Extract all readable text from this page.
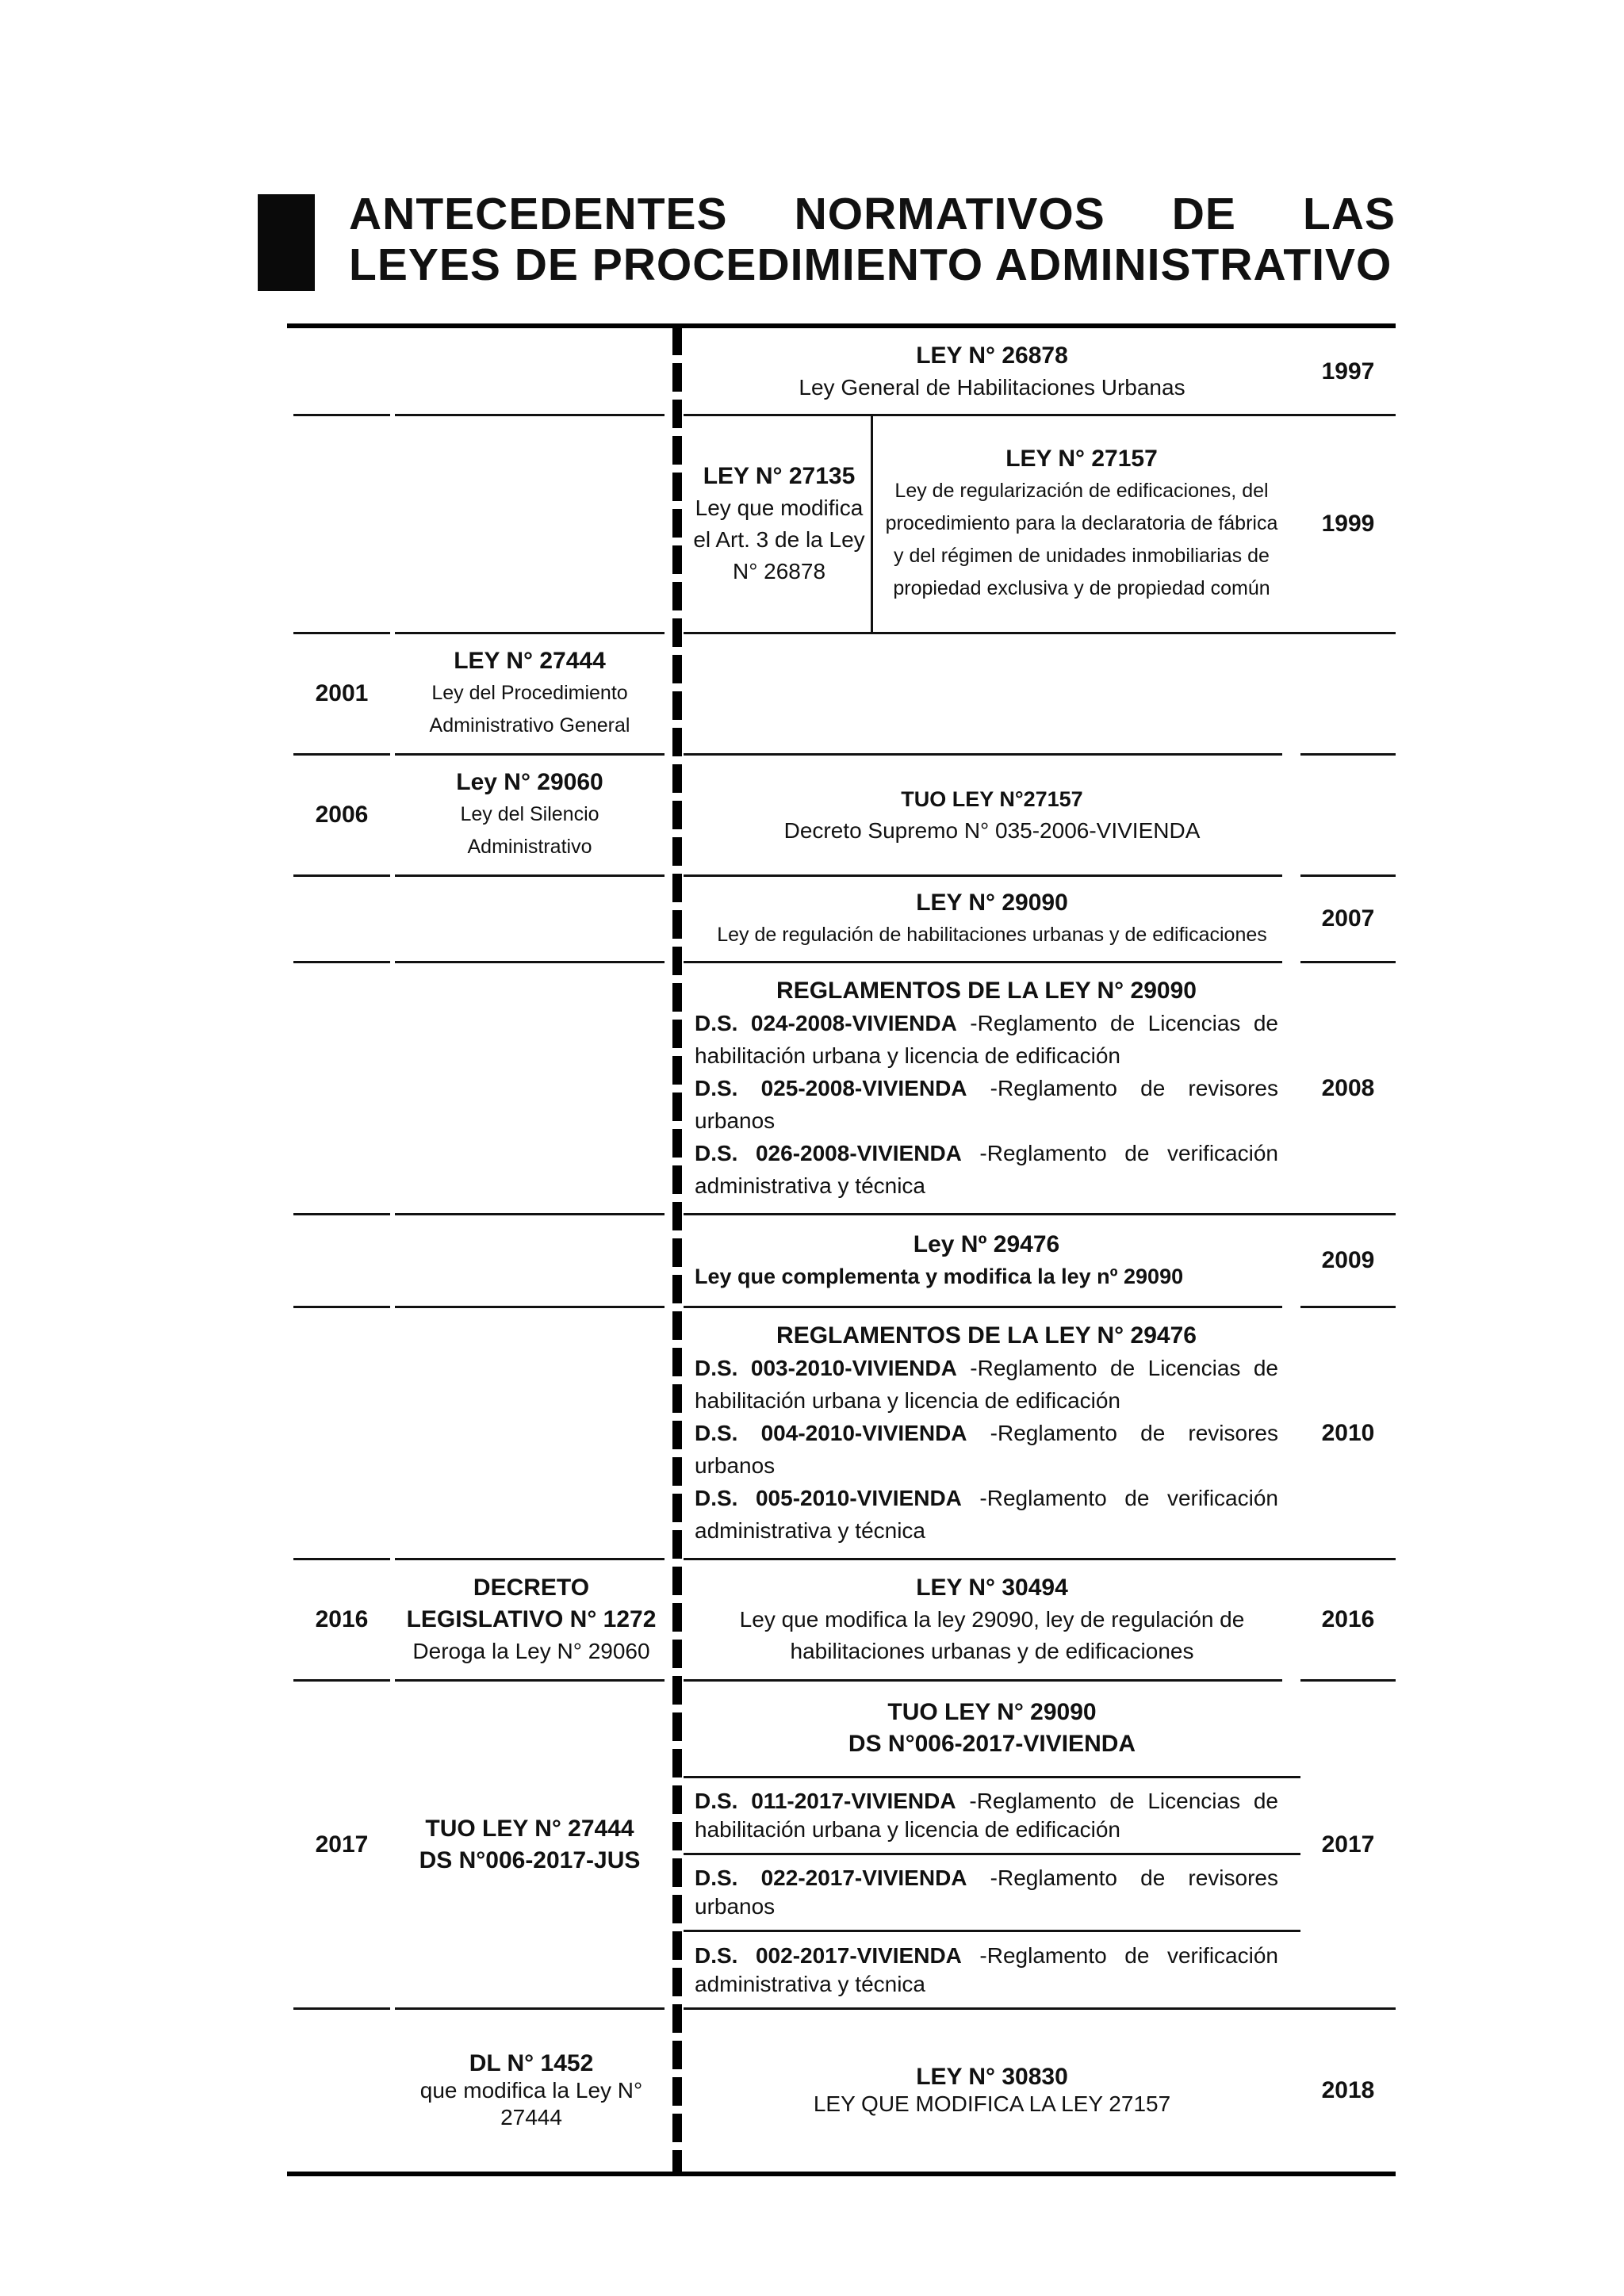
ANTECEDENTES NORMATIVOS DE LAS LEYES DE PROCEDIMIENTO ADMINISTRATIVO
LEY N° 26878
Ley General de Habilitaciones Urbanas
1997
LEY N° 27135
Ley que modifica el Art. 3 de la Ley N° 26878
LEY N° 27157
Ley de regularización de edificaciones, del procedimiento para la declaratoria de fábrica y del régimen de unidades inmobiliarias de propiedad exclusiva y de propiedad común
1999
2001
LEY N° 27444
Ley del Procedimiento Administrativo General
2006
Ley N° 29060
Ley del Silencio Administrativo
TUO LEY N°27157
Decreto Supremo N° 035-2006-VIVIENDA
LEY N° 29090
Ley de regulación de habilitaciones urbanas y de edificaciones
2007
REGLAMENTOS DE LA LEY N° 29090
D.S. 024-2008-VIVIENDA -Reglamento de Licencias de habilitación urbana y licencia de edificación
D.S. 025-2008-VIVIENDA -Reglamento de revisores urbanos
D.S. 026-2008-VIVIENDA -Reglamento de verificación administrativa y técnica
2008
Ley Nº 29476
Ley que complementa y modifica la ley nº 29090
2009
REGLAMENTOS DE LA LEY N° 29476
D.S. 003-2010-VIVIENDA -Reglamento de Licencias de habilitación urbana y licencia de edificación
D.S. 004-2010-VIVIENDA -Reglamento de revisores urbanos
D.S. 005-2010-VIVIENDA -Reglamento de verificación administrativa y técnica
2010
2016
DECRETO LEGISLATIVO N° 1272
Deroga la Ley N° 29060
LEY N° 30494
Ley que modifica la ley 29090, ley de regulación de habilitaciones urbanas y de edificaciones
2016
2017
TUO LEY N° 27444
DS N°006-2017-JUS
TUO LEY N° 29090
DS N°006-2017-VIVIENDA
D.S. 011-2017-VIVIENDA -Reglamento de Licencias de habilitación urbana y licencia de edificación
D.S. 022-2017-VIVIENDA -Reglamento de revisores urbanos
D.S. 002-2017-VIVIENDA -Reglamento de verificación administrativa y técnica
2017
DL N° 1452
que modifica la Ley N° 27444
LEY N° 30830
LEY QUE MODIFICA LA LEY 27157
2018
